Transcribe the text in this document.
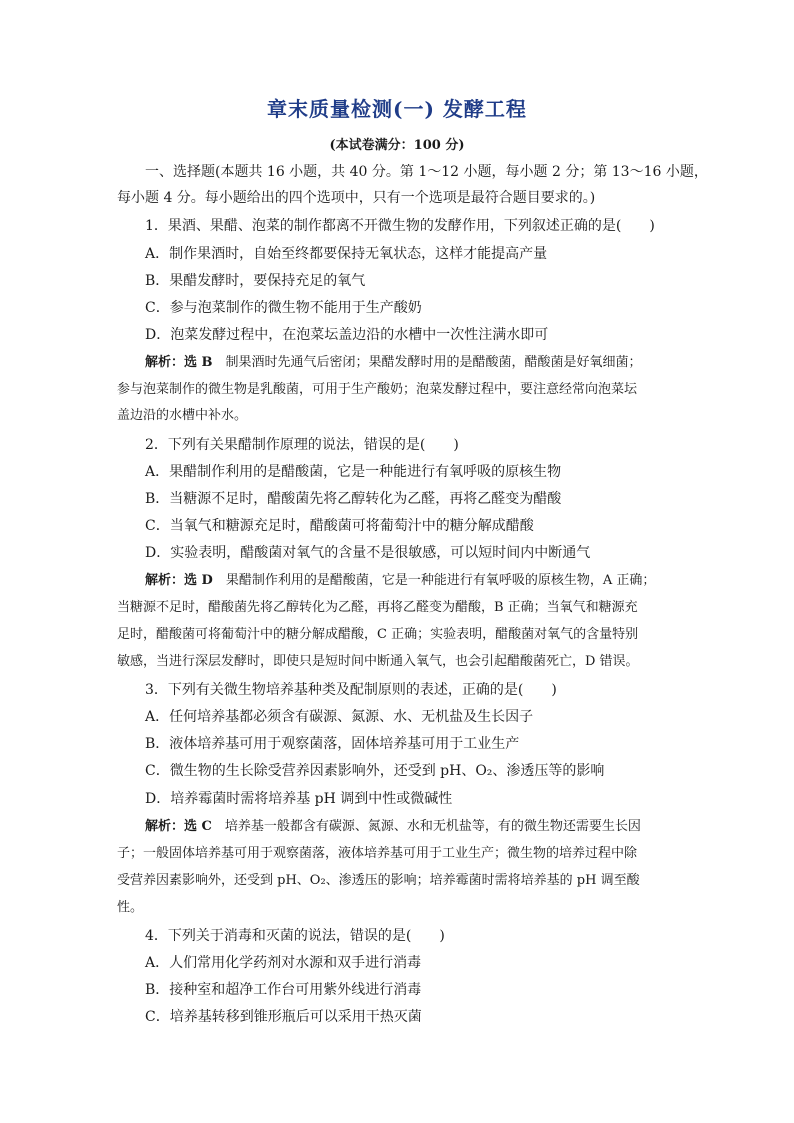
章末质量检测(一) 发酵工程
(本试卷满分：100 分)
一、选择题(本题共 16 小题，共 40 分。第 1～12 小题，每小题 2 分；第 13～16 小题，
每小题 4 分。每小题给出的四个选项中，只有一个选项是最符合题目要求的。)
1．果酒、果醋、泡菜的制作都离不开微生物的发酵作用，下列叙述正确的是(　　)
A．制作果酒时，自始至终都要保持无氧状态，这样才能提高产量
B．果醋发酵时，要保持充足的氧气
C．参与泡菜制作的微生物不能用于生产酸奶
D．泡菜发酵过程中，在泡菜坛盖边沿的水槽中一次性注满水即可
解析：选 B　 制果酒时先通气后密闭；果醋发酵时用的是醋酸菌，醋酸菌是好氧细菌；
参与泡菜制作的微生物是乳酸菌，可用于生产酸奶；泡菜发酵过程中，要注意经常向泡菜坛
盖边沿的水槽中补水。
2．下列有关果醋制作原理的说法，错误的是(　　)
A．果醋制作利用的是醋酸菌，它是一种能进行有氧呼吸的原核生物
B．当糖源不足时，醋酸菌先将乙醇转化为乙醛，再将乙醛变为醋酸
C．当氧气和糖源充足时，醋酸菌可将葡萄汁中的糖分解成醋酸
D．实验表明，醋酸菌对氧气的含量不是很敏感，可以短时间内中断通气
解析：选 D　 果醋制作利用的是醋酸菌，它是一种能进行有氧呼吸的原核生物，A 正确；
当糖源不足时，醋酸菌先将乙醇转化为乙醛，再将乙醛变为醋酸，B 正确；当氧气和糖源充
足时，醋酸菌可将葡萄汁中的糖分解成醋酸，C 正确；实验表明，醋酸菌对氧气的含量特别
敏感，当进行深层发酵时，即使只是短时间中断通入氧气，也会引起醋酸菌死亡，D 错误。
3．下列有关微生物培养基种类及配制原则的表述，正确的是(　　)
A．任何培养基都必须含有碳源、氮源、水、无机盐及生长因子
B．液体培养基可用于观察菌落，固体培养基可用于工业生产
C．微生物的生长除受营养因素影响外，还受到 pH、O₂、渗透压等的影响
D．培养霉菌时需将培养基 pH 调到中性或微碱性
解析：选 C　 培养基一般都含有碳源、氮源、水和无机盐等，有的微生物还需要生长因
子；一般固体培养基可用于观察菌落，液体培养基可用于工业生产；微生物的培养过程中除
受营养因素影响外，还受到 pH、O₂、渗透压的影响；培养霉菌时需将培养基的 pH 调至酸
性。
4．下列关于消毒和灭菌的说法，错误的是(　　)
A．人们常用化学药剂对水源和双手进行消毒
B．接种室和超净工作台可用紫外线进行消毒
C．培养基转移到锥形瓶后可以采用干热灭菌
